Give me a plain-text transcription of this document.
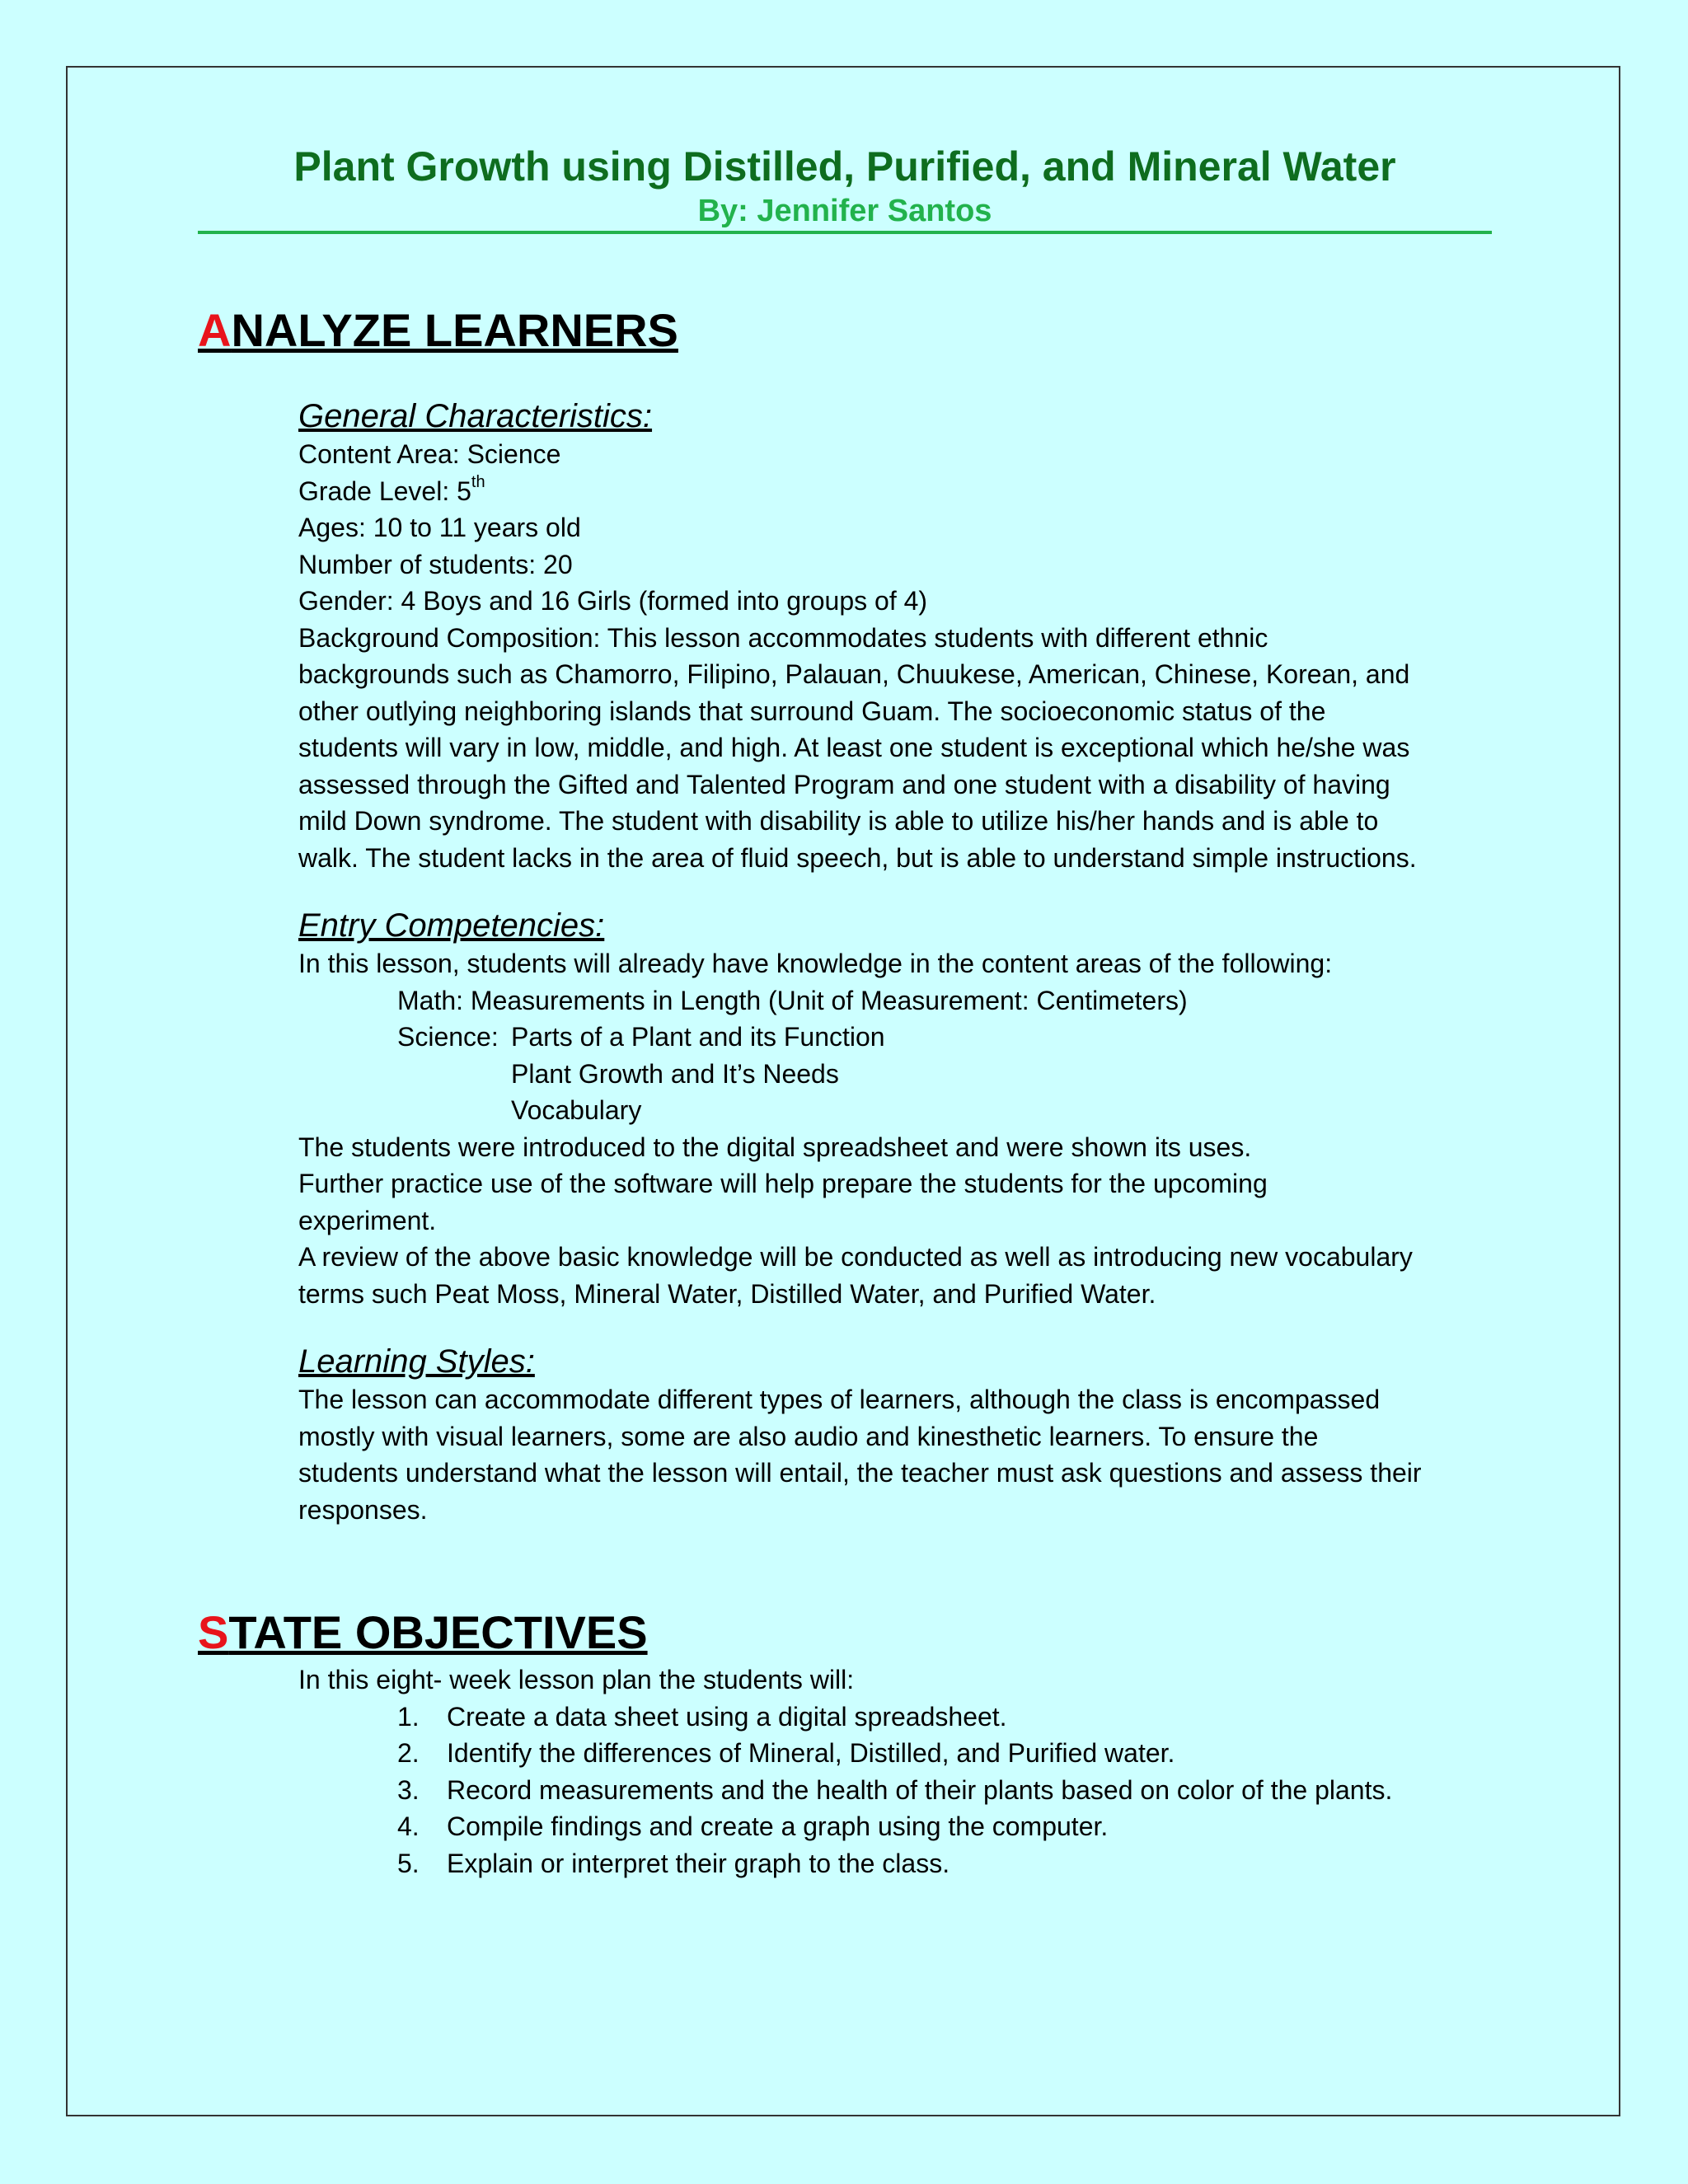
Plant Growth using Distilled, Purified, and Mineral Water
By: Jennifer Santos
ANALYZE LEARNERS
General Characteristics:
Content Area: Science
Grade Level: 5th
Ages: 10 to 11 years old
Number of students: 20
Gender: 4 Boys and 16 Girls (formed into groups of 4)
Background Composition: This lesson accommodates students with different ethnic
backgrounds such as Chamorro, Filipino, Palauan, Chuukese, American, Chinese, Korean, and
other outlying neighboring islands that surround Guam. The socioeconomic status of the
students will vary in low, middle, and high. At least one student is exceptional which he/she was
assessed through the Gifted and Talented Program and one student with a disability of having
mild Down syndrome. The student with disability is able to utilize his/her hands and is able to
walk. The student lacks in the area of fluid speech, but is able to understand simple instructions.
Entry Competencies:
In this lesson, students will already have knowledge in the content areas of the following:
Math: Measurements in Length (Unit of Measurement: Centimeters)
Science: Parts of a Plant and its Function
Plant Growth and It’s Needs
Vocabulary
The students were introduced to the digital spreadsheet and were shown its uses.
Further practice use of the software will help prepare the students for the upcoming
experiment.
A review of the above basic knowledge will be conducted as well as introducing new vocabulary
terms such Peat Moss, Mineral Water, Distilled Water, and Purified Water.
Learning Styles:
The lesson can accommodate different types of learners, although the class is encompassed
mostly with visual learners, some are also audio and kinesthetic learners. To ensure the
students understand what the lesson will entail, the teacher must ask questions and assess their
responses.
STATE OBJECTIVES
In this eight- week lesson plan the students will:
1.	Create a data sheet using a digital spreadsheet.
2.	Identify the differences of Mineral, Distilled, and Purified water.
3.	Record measurements and the health of their plants based on color of the plants.
4.	Compile findings and create a graph using the computer.
5.	Explain or interpret their graph to the class.
